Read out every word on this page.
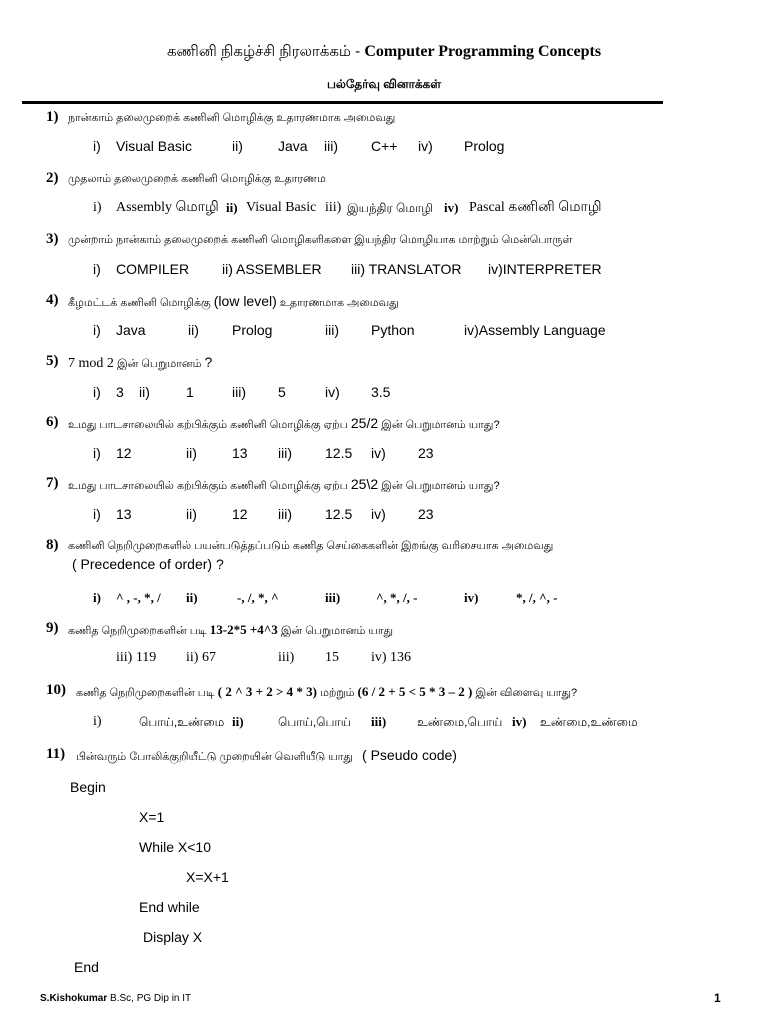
கணினி நிகழ்ச்சி நிரலாக்கம் - Computer Programming Concepts
பல்தேர்வு வினாக்கள்
1) நான்காம் தலைமுறைக் கணினி மொழிக்கு உதாரணமாக அமைவது
i) Visual Basic	ii)	Java iii) C++ iv) Prolog
2) முதலாம் தலைமுறைக் கணினி மொழிக்கு உதாரணம
i) Assembly மொழி ii) Visual Basic iii) இயந்திர மொழி iv) Pascal கணினி மொழி
3) முன்றாம் நான்காம் தலைமுறைக் கணினி மொழிகளிகளை இயந்திர மொழியாக மாற்றும் மென்பொருள்
i) COMPILER ii) ASSEMBLER iii) TRANSLATOR iv)INTERPRETER
4) கீழமட்டக் கணினி மொழிக்கு (low level) உதாரணமாக அமைவது
i) Java	ii) Prolog	iii) Python	iv)Assembly Language
5) 7 mod 2 இன் பெறுமானம் ?
i) 3 ii)	1	iii) 5	iv) 3.5
6) உமது பாடசாலையில் கற்பிக்கும் கணினி மொழிக்கு ஏற்ப 25/2 இன் பெறுமானம் யாது?
i) 12	ii)	13 iii) 12.5 iv) 23
7) உமது பாடசாலையில் கற்பிக்கும் கணினி மொழிக்கு ஏற்ப 25\2 இன் பெறுமானம் யாது?
i) 13	ii)	12 iii) 12.5 iv) 23
8) கணினி நெறிமுறைகளில் பயன்படுத்தப்படும் கணித செய்கைகளின் இறங்கு வரிசையாக அமைவது
( Precedence of order) ?
i) ^ , -, *, / ii)	-, /, *, ^	iii)	^, *, /, -	iv)	*, /, ^, -
9) கணித நெறிமுறைகளின் படி 13-2*5 +4^3 இன் பெறுமானம் யாது
iii) 119 ii) 67	iii) 15 iv) 136
10) கணித நெறிமுறைகளின் படி ( 2 ^ 3 + 2 > 4 * 3) மற்றும் (6 / 2 + 5 < 5 * 3 – 2 ) இன் விளைவு யாது?
i)	பொய்,உண்மை ii)	பொய்,பொய் iii)	உண்மை,பொய் iv) உண்மை,உண்மை
11) பின்வரும் போலிக்குறியீட்டு முறையின் வெளியீடு யாது ( Pseudo code)
Begin
X=1
While X<10
X=X+1
End while
Display X
End
S.Kishokumar B.Sc, PG Dip in IT	1
